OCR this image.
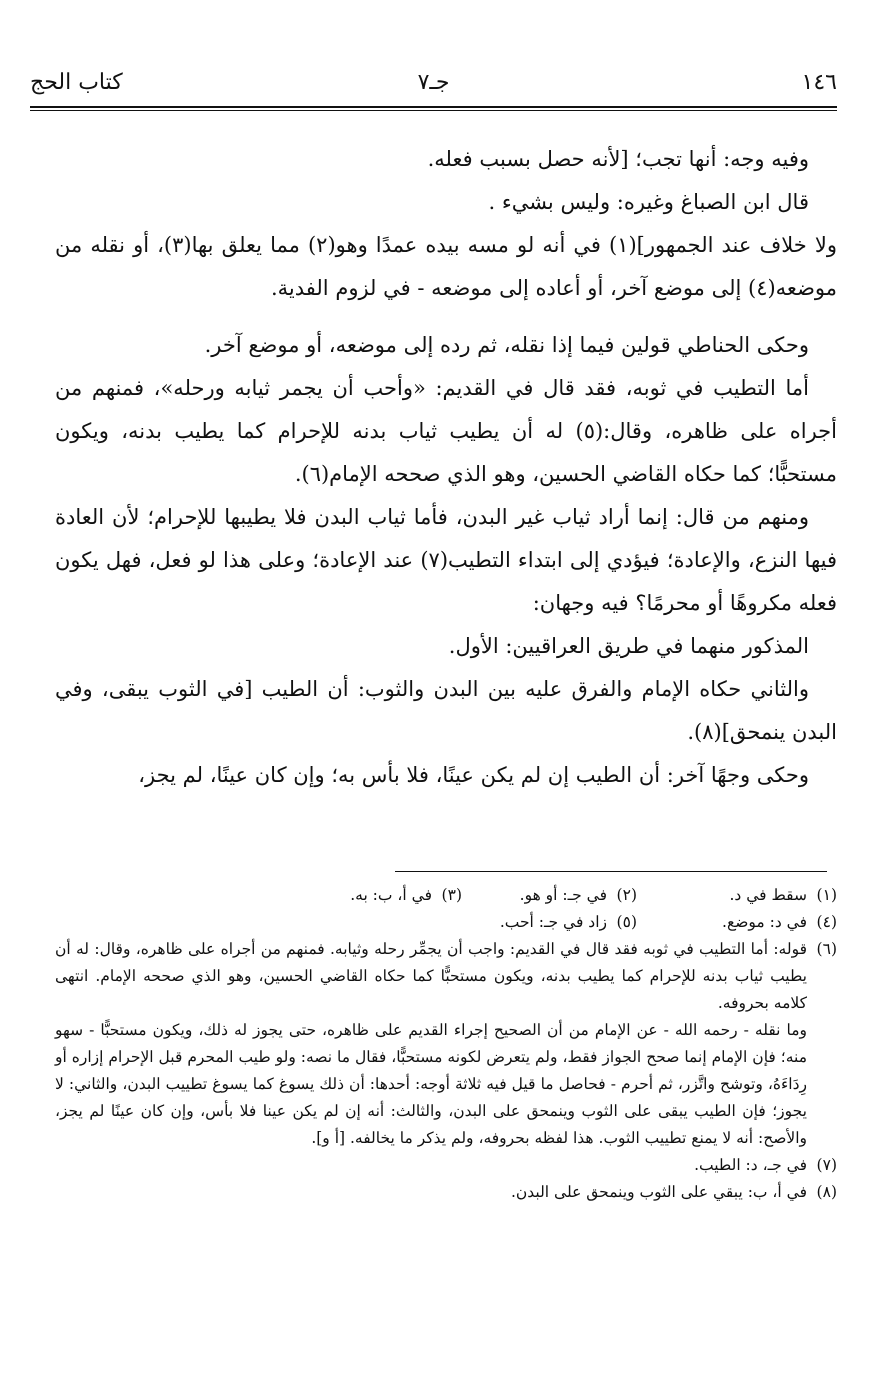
١٤٦
جـ٧
كتاب الحج

وفيه وجه: أنها تجب؛ [لأنه حصل بسبب فعله.

قال ابن الصباغ وغيره: وليس بشيء .

ولا خلاف عند الجمهور](١) في أنه لو مسه بيده عمدًا وهو(٢) مما يعلق بها(٣)، أو نقله من موضعه(٤) إلى موضع آخر، أو أعاده إلى موضعه - في لزوم الفدية.

وحكى الحناطي قولين فيما إذا نقله، ثم رده إلى موضعه، أو موضع آخر.

أما التطيب في ثوبه، فقد قال في القديم: «وأحب أن يجمر ثيابه ورحله»، فمنهم من أجراه على ظاهره، وقال:(٥) له أن يطيب ثياب بدنه للإحرام كما يطيب بدنه، ويكون مستحبًّا؛ كما حكاه القاضي الحسين، وهو الذي صححه الإمام(٦).

ومنهم من قال: إنما أراد ثياب غير البدن، فأما ثياب البدن فلا يطيبها للإحرام؛ لأن العادة فيها النزع، والإعادة؛ فيؤدي إلى ابتداء التطيب(٧) عند الإعادة؛ وعلى هذا لو فعل، فهل يكون فعله مكروهًا أو محرمًا؟ فيه وجهان:

المذكور منهما في طريق العراقيين: الأول.

والثاني حكاه الإمام والفرق عليه بين البدن والثوب: أن الطيب [في الثوب يبقى، وفي البدن ينمحق](٨).

وحكى وجهًا آخر: أن الطيب إن لم يكن عينًا، فلا بأس به؛ وإن كان عينًا، لم يجز،

(١)
سقط في د.
(٢)
في جـ: أو هو.
(٣)
في أ، ب: به.
(٤)
في د: موضع.
(٥)
زاد في جـ: أحب.
(٦)

قوله: أما التطيب في ثوبه فقد قال في القديم: واجب أن يجمِّر رحله وثيابه. فمنهم من أجراه على ظاهره، وقال: له أن يطيب ثياب بدنه للإحرام كما يطيب بدنه، ويكون مستحبًّا كما حكاه القاضي الحسين، وهو الذي صححه الإمام. انتهى كلامه بحروفه.

وما نقله - رحمه الله - عن الإمام من أن الصحيح إجراء القديم على ظاهره، حتى يجوز له ذلك، ويكون مستحبًّا - سهو منه؛ فإن الإمام إنما صحح الجواز فقط، ولم يتعرض لكونه مستحبًّا، فقال ما نصه: ولو طيب المحرم قبل الإحرام إزاره أو رِدَاءَهُ، وتوشح واتَّزر، ثم أحرم - فحاصل ما قيل فيه ثلاثة أوجه: أحدها: أن ذلك يسوغ كما يسوغ تطييب البدن، والثاني: لا يجوز؛ فإن الطيب يبقى على الثوب وينمحق على البدن، والثالث: أنه إن لم يكن عينا فلا بأس، وإن كان عينًا لم يجز، والأصح: أنه لا يمنع تطييب الثوب. هذا لفظه بحروفه، ولم يذكر ما يخالفه. [أ و].

(٧)
في جـ، د: الطيب.
(٨)
في أ، ب: يبقي على الثوب وينمحق على البدن.
